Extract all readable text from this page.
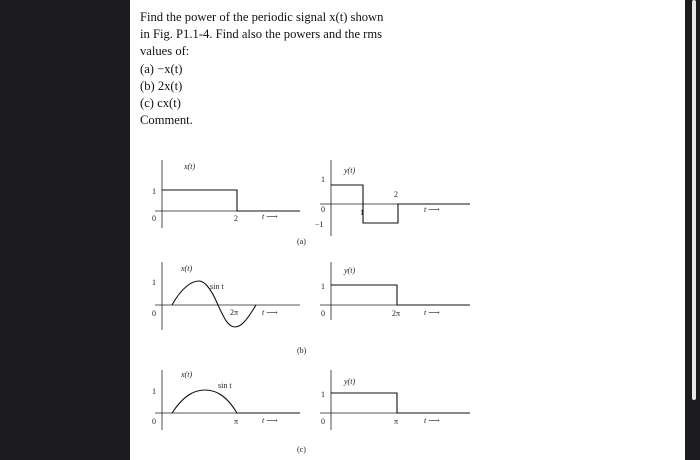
Find the power of the periodic signal x(t) shown
in Fig. P1.1-4. Find also the powers and the rms
values of:
(a) −x(t)
(b) 2x(t)
(c) cx(t)
Comment.
x(t)
1
0	2	t ⟶
y(t)
1
−1
0	1
2
t ⟶
(a)
x(t)
sin t
1
0	2π	t ⟶
y(t)
1
0	2π	t ⟶
(b)
x(t)
sin t
1
0	π	t ⟶
y(t)
1
0	π	t ⟶
(c)
